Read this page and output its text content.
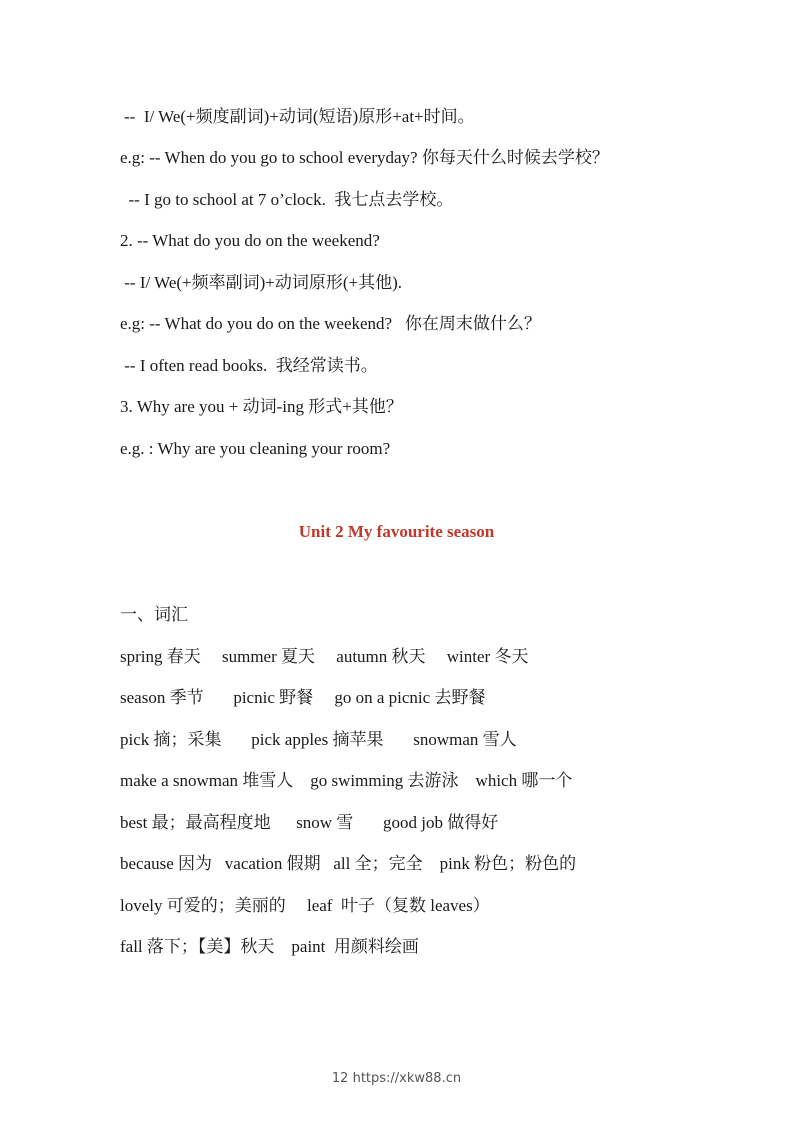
--  I/ We(+频度副词)+动词(短语)原形+at+时间。
e.g: -- When do you go to school everyday? 你每天什么时候去学校？
-- I go to school at 7 o’clock.  我七点去学校。
2. -- What do you do on the weekend?
-- I/ We(+频率副词)+动词原形(+其他).
e.g: -- What do you do on the weekend?   你在周末做什么？
-- I often read books.  我经常读书。
3. Why are you + 动词-ing 形式+其他？
e.g. : Why are you cleaning your room?
Unit 2 My favourite season
一、词汇
spring 春天     summer 夏天     autumn 秋天     winter 冬天
season 季节       picnic 野餐     go on a picnic 去野餐
pick 摘；采集       pick apples 摘苹果       snowman 雪人
make a snowman 堆雪人    go swimming 去游泳    which 哪一个
best 最；最高程度地      snow 雪       good job 做得好
because 因为   vacation 假期   all 全；完全    pink 粉色；粉色的
lovely 可爱的；美丽的     leaf  叶子（复数 leaves）
fall 落下；【美】秋天    paint  用颜料绘画
12 https://xkw88.cn
